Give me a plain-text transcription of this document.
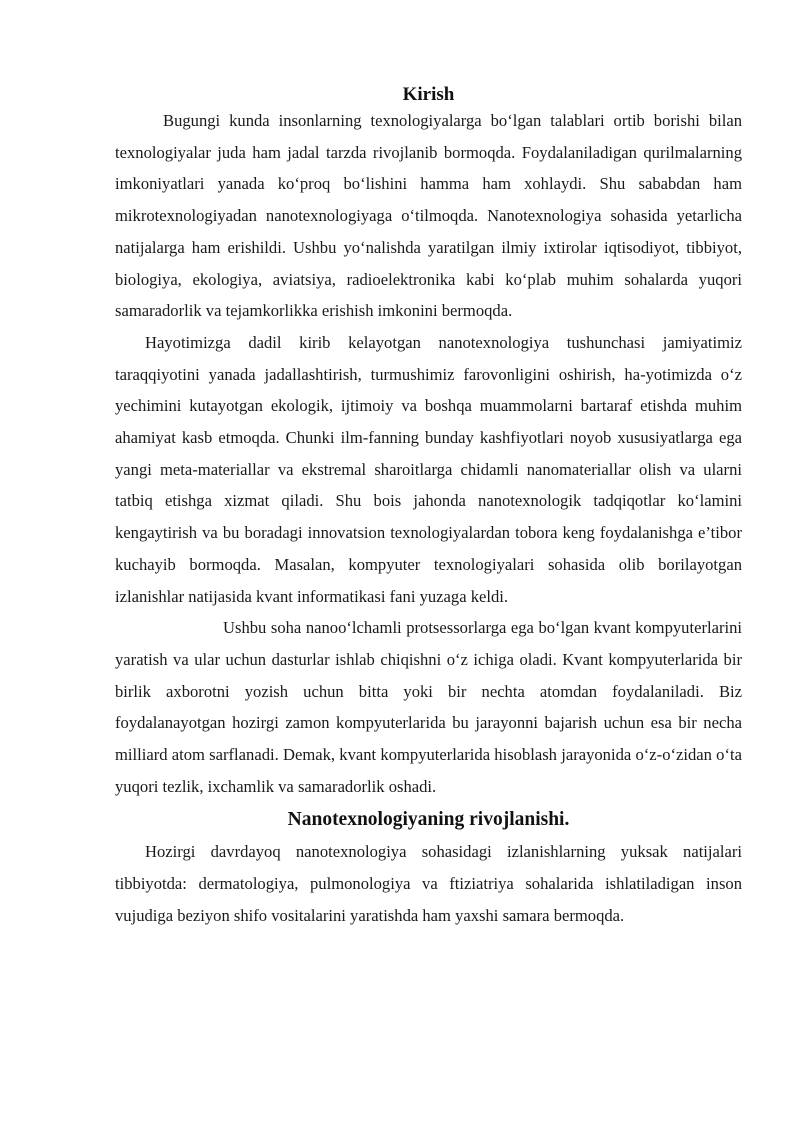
Kirish

Bugungi kunda insonlarning texnologiyalarga bo‘lgan talablari ortib borishi bilan texnologiyalar juda ham jadal tarzda rivojlanib bormoqda. Foydalaniladigan qurilmalarning imkoniyatlari yanada ko‘proq bo‘lishini hamma ham xohlaydi. Shu sababdan ham mikrotexnologiyadan nanotexnologiyaga o‘tilmoqda. Nanotexnologiya sohasida yetarlicha natijalarga ham erishildi. Ushbu yo‘nalishda yaratilgan ilmiy ixtirolar iqtisodiyot, tibbiyot, biologiya, ekologiya, aviatsiya, radioelektronika kabi ko‘plab muhim sohalarda yuqori samaradorlik va tejamkorlikka erishish imkonini bermoqda.

Hayotimizga dadil kirib kelayotgan nanotexnologiya tushunchasi jamiyatimiz taraqqiyotini yanada jadallashtirish, turmushimiz farovonligini oshirish, ha-yotimizda o‘z yechimini kutayotgan ekologik, ijtimoiy va boshqa muammolarni bartaraf etishda muhim ahamiyat kasb etmoqda. Chunki ilm-fanning bunday kashfiyotlari noyob xususiyatlarga ega yangi meta-materiallar va ekstremal sharoitlarga chidamli nanomateriallar olish va ularni tatbiq etishga xizmat qiladi. Shu bois jahonda nanotexnologik tadqiqotlar ko‘lamini kengaytirish va bu boradagi innovatsion texnologiyalardan tobora keng foydalanishga e’tibor kuchayib bormoqda. Masalan, kompyuter texnologiyalari sohasida olib borilayotgan izlanishlar natijasida kvant informatikasi fani yuzaga keldi.

Ushbu soha nanoo‘lchamli protsessorlarga ega bo‘lgan kvant kompyuterlarini yaratish va ular uchun dasturlar ishlab chiqishni o‘z ichiga oladi. Kvant kompyuterlarida bir birlik axborotni yozish uchun bitta yoki bir nechta atomdan foydalaniladi. Biz foydalanayotgan hozirgi zamon kompyuterlarida bu jarayonni bajarish uchun esa bir necha milliard atom sarflanadi. Demak, kvant kompyuterlarida hisoblash jarayonida o‘z-o‘zidan o‘ta yuqori tezlik, ixchamlik va samaradorlik oshadi.

Nanotexnologiyaning rivojlanishi.

Hozirgi davrdayoq nanotexnologiya sohasidagi izlanishlarning yuksak natijalari tibbiyotda: dermatologiya, pulmonologiya va ftiziatriya sohalarida ishlatiladigan inson vujudiga beziyon shifo vositalarini yaratishda ham yaxshi samara bermoqda.
